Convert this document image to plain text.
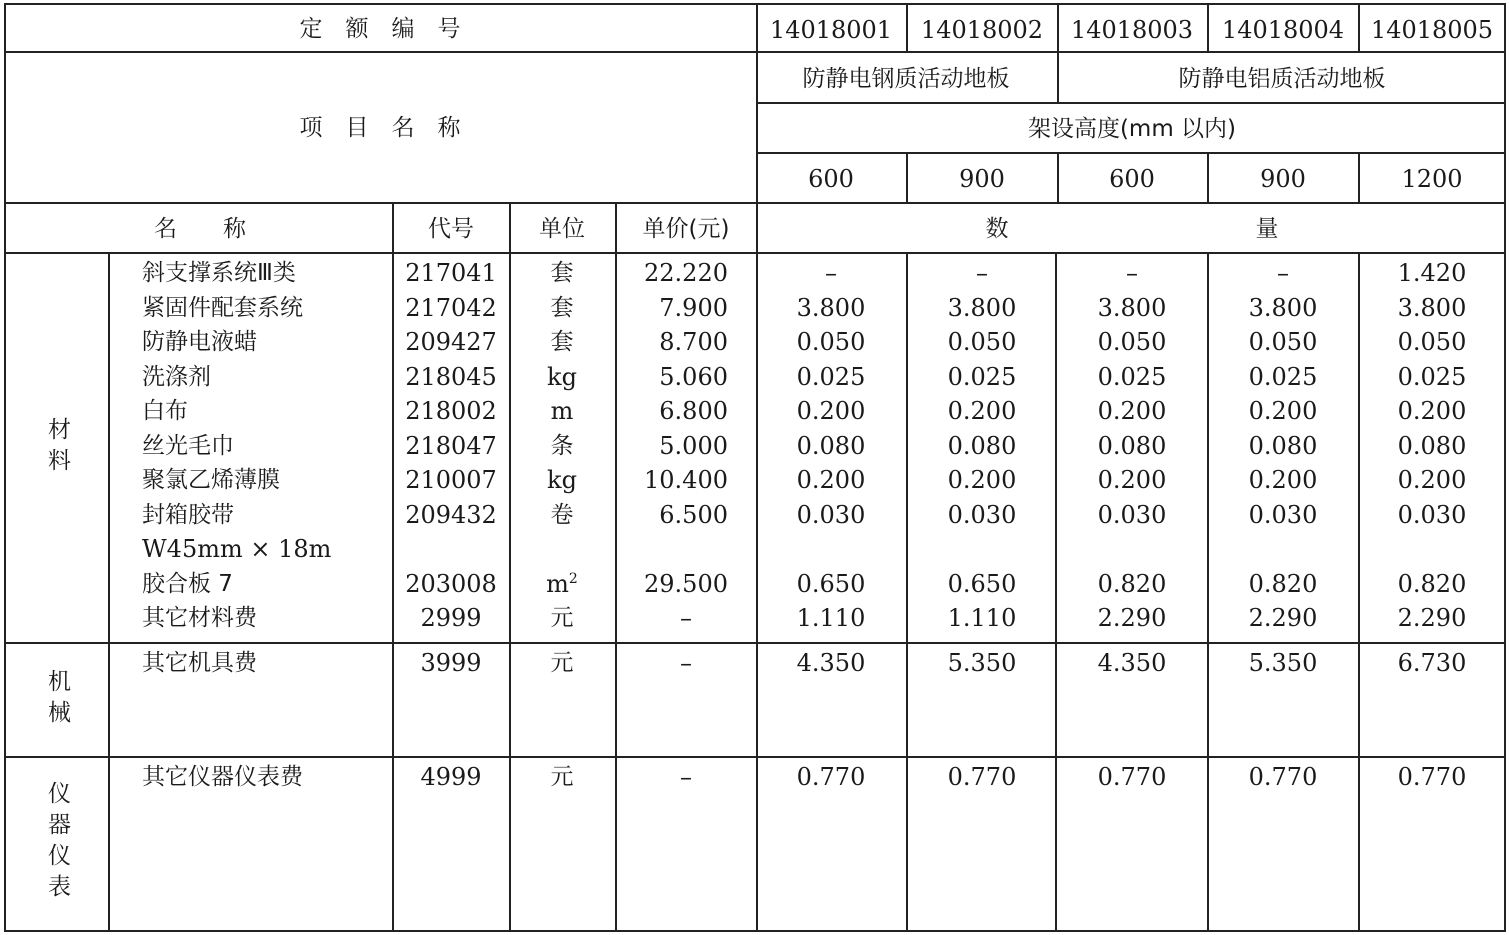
定　额　编　号	14018001 14018002 14018003 14018004 14018005
项　目　名　称
防静电钢质活动地板	防静电铝质活动地板
架设高度(mm 以内)
600	900	600	900	1200
名　　称	代号	单位	单价(元)	数	量
材料
机械
仪器仪表
斜支撑系统Ⅲ类	217041 套	22.220	–	–	–	–	1.420
紧固件配套系统	217042 套	7.900	3.800	3.800	3.800	3.800	3.800
防静电液蜡	209427 套	8.700	0.050	0.050	0.050	0.050	0.050
洗涤剂	218045 kg	5.060	0.025	0.025	0.025	0.025	0.025
白布	218002 m	6.800	0.200	0.200	0.200	0.200	0.200
丝光毛巾	218047 条	5.000	0.080	0.080	0.080	0.080	0.080
聚氯乙烯薄膜	210007 kg	10.400	0.200	0.200	0.200	0.200	0.200
封箱胶带	209432 卷	6.500	0.030	0.030	0.030	0.030	0.030
W45mm × 18m
胶合板 7	203008 $m^2$	29.500	0.650	0.650	0.820	0.820	0.820
其它材料费	2999	元	–	1.110	1.110	2.290	2.290	2.290
其它机具费	3999	元	–	4.350	5.350	4.350	5.350	6.730
其它仪器仪表费	4999	元	–	0.770	0.770	0.770	0.770	0.770
